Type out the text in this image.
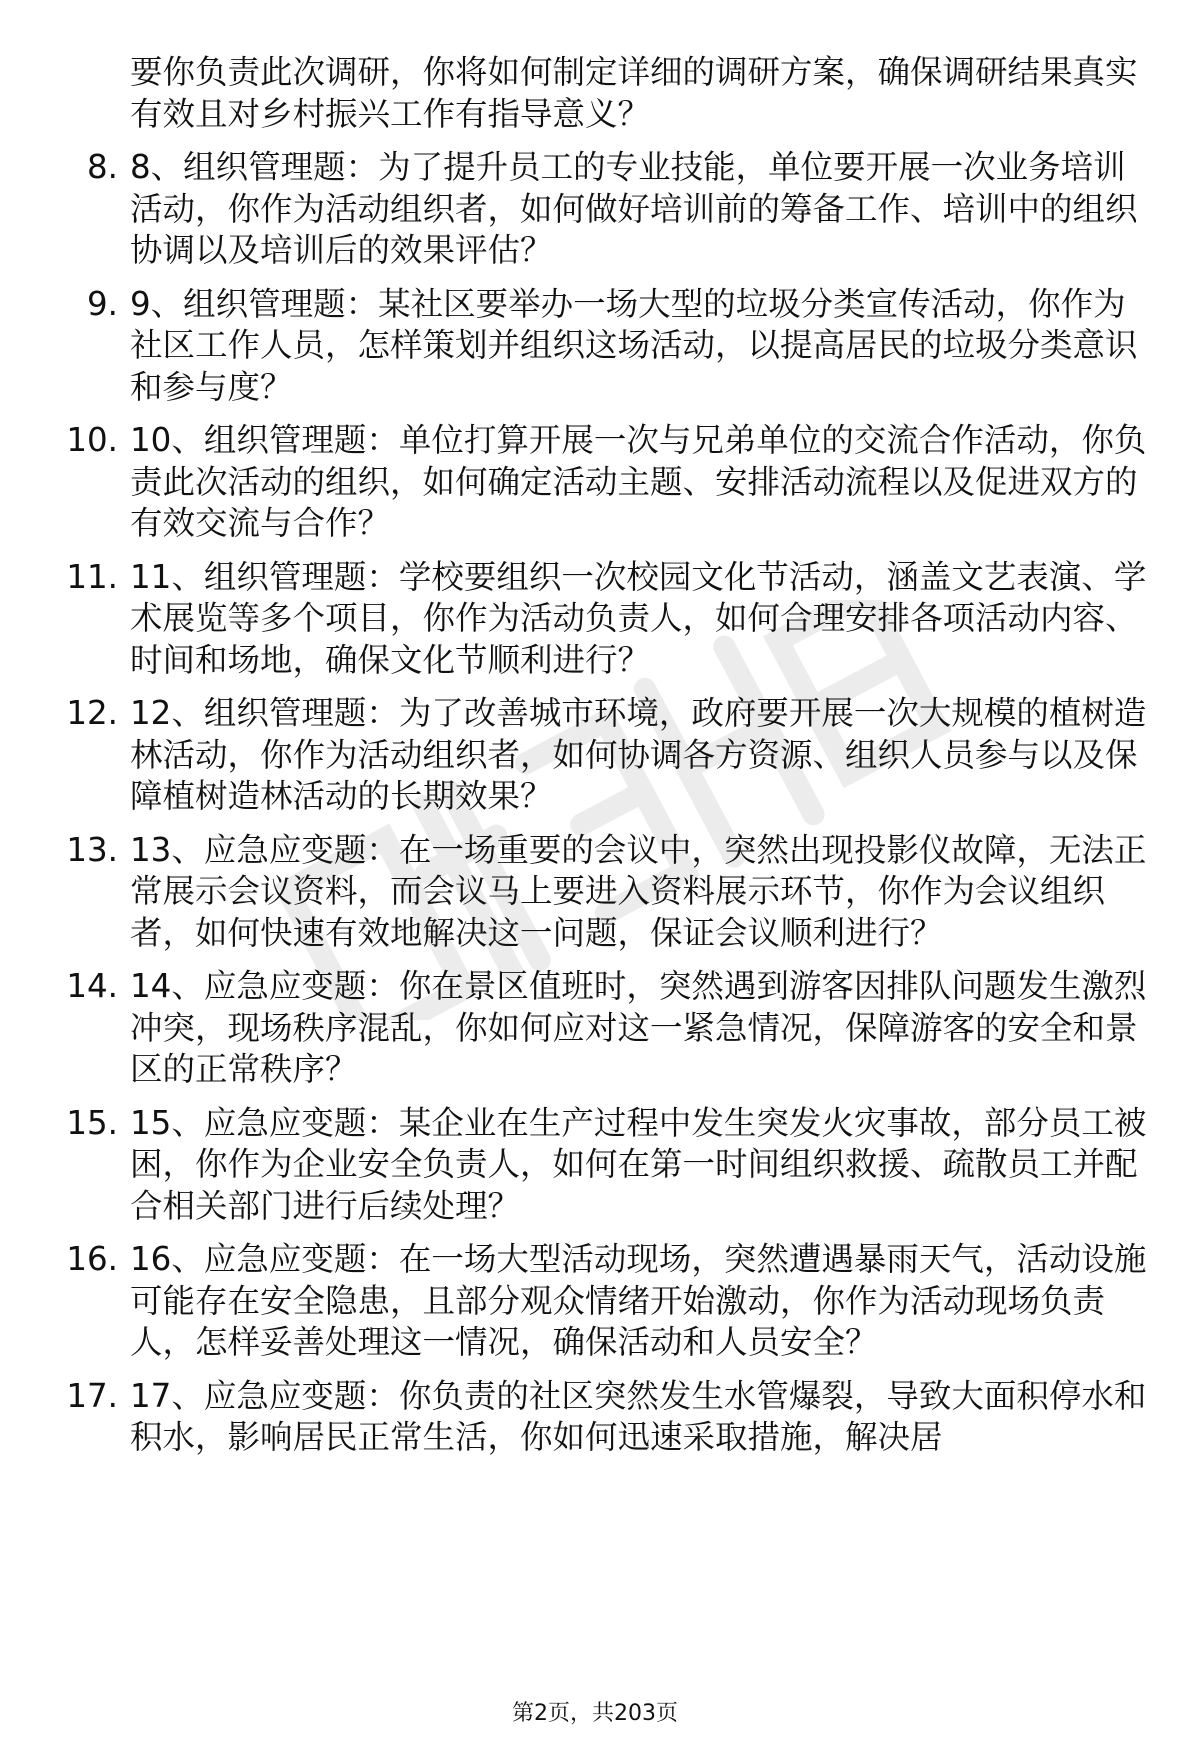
要你负责此次调研，你将如何制定详细的调研方案，确保调研结果真实有效且对乡村振兴工作有指导意义？
8. 8、组织管理题：为了提升员工的专业技能，单位要开展一次业务培训活动，你作为活动组织者，如何做好培训前的筹备工作、培训中的组织协调以及培训后的效果评估？
9. 9、组织管理题：某社区要举办一场大型的垃圾分类宣传活动，你作为社区工作人员，怎样策划并组织这场活动，以提高居民的垃圾分类意识和参与度？
10. 10、组织管理题：单位打算开展一次与兄弟单位的交流合作活动，你负责此次活动的组织，如何确定活动主题、安排活动流程以及促进双方的有效交流与合作？
11. 11、组织管理题：学校要组织一次校园文化节活动，涵盖文艺表演、学术展览等多个项目，你作为活动负责人，如何合理安排各项活动内容、时间和场地，确保文化节顺利进行？
12. 12、组织管理题：为了改善城市环境，政府要开展一次大规模的植树造林活动，你作为活动组织者，如何协调各方资源、组织人员参与以及保障植树造林活动的长期效果？
13. 13、应急应变题：在一场重要的会议中，突然出现投影仪故障，无法正常展示会议资料，而会议马上要进入资料展示环节，你作为会议组织者，如何快速有效地解决这一问题，保证会议顺利进行？
14. 14、应急应变题：你在景区值班时，突然遇到游客因排队问题发生激烈冲突，现场秩序混乱，你如何应对这一紧急情况，保障游客的安全和景区的正常秩序？
15. 15、应急应变题：某企业在生产过程中发生突发火灾事故，部分员工被困，你作为企业安全负责人，如何在第一时间组织救援、疏散员工并配合相关部门进行后续处理？
16. 16、应急应变题：在一场大型活动现场，突然遭遇暴雨天气，活动设施可能存在安全隐患，且部分观众情绪开始激动，你作为活动现场负责人，怎样妥善处理这一情况，确保活动和人员安全？
17. 17、应急应变题：你负责的社区突然发生水管爆裂，导致大面积停水和积水，影响居民正常生活，你如何迅速采取措施，解决居
第2页，共203页
